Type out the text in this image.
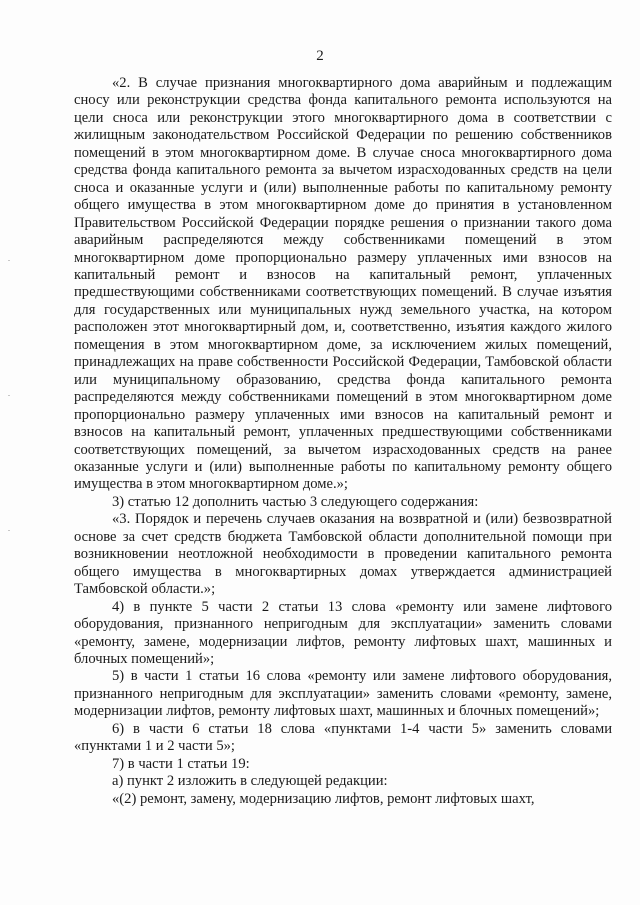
2

«2. В случае признания многоквартирного дома аварийным и подлежащим сносу или реконструкции средства фонда капитального ремонта используются на цели сноса или реконструкции этого многоквартирного дома в соответствии с жилищным законодательством Российской Федерации по решению собственников помещений в этом многоквартирном доме. В случае сноса многоквартирного дома средства фонда капитального ремонта за вычетом израсходованных средств на цели сноса и оказанные услуги и (или) выполненные работы по капитальному ремонту общего имущества в этом многоквартирном доме до принятия в установленном Правительством Российской Федерации порядке решения о признании такого дома аварийным распределяются между собственниками помещений в этом многоквартирном доме пропорционально размеру уплаченных ими взносов на капитальный ремонт и взносов на капитальный ремонт, уплаченных предшествующими собственниками соответствующих помещений. В случае изъятия для государственных или муниципальных нужд земельного участка, на котором расположен этот многоквартирный дом, и, соответственно, изъятия каждого жилого помещения в этом многоквартирном доме, за исключением жилых помещений, принадлежащих на праве собственности Российской Федерации, Тамбовской области или муниципальному образованию, средства фонда капитального ремонта распределяются между собственниками помещений в этом многоквартирном доме пропорционально размеру уплаченных ими взносов на капитальный ремонт и взносов на капитальный ремонт, уплаченных предшествующими собственниками соответствующих помещений, за вычетом израсходованных средств на ранее оказанные услуги и (или) выполненные работы по капитальному ремонту общего имущества в этом многоквартирном доме.»;

3) статью 12 дополнить частью 3 следующего содержания:

«3. Порядок и перечень случаев оказания на возвратной и (или) безвозвратной основе за счет средств бюджета Тамбовской области дополнительной помощи при возникновении неотложной необходимости в проведении капитального ремонта общего имущества в многоквартирных домах утверждается администрацией Тамбовской области.»;

4) в пункте 5 части 2 статьи 13 слова «ремонту или замене лифтового оборудования, признанного непригодным для эксплуатации» заменить словами «ремонту, замене, модернизации лифтов, ремонту лифтовых шахт, машинных и блочных помещений»;

5) в части 1 статьи 16 слова «ремонту или замене лифтового оборудования, признанного непригодным для эксплуатации» заменить словами «ремонту, замене, модернизации лифтов, ремонту лифтовых шахт, машинных и блочных помещений»;

6) в части 6 статьи 18 слова «пунктами 1-4 части 5» заменить словами «пунктами 1 и 2 части 5»;

7) в части 1 статьи 19:

а) пункт 2 изложить в следующей редакции:

«(2) ремонт, замену, модернизацию лифтов, ремонт лифтовых шахт,
